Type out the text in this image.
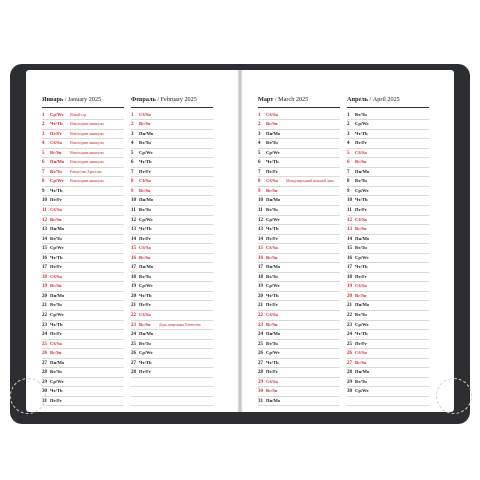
Январь / January 2025
1 Ср/We Новый год
2 Чт/Th Новогодние каникулы
3 Пт/Fr Новогодние каникулы
4 Сб/Sa Новогодние каникулы
5 Вс/Su Новогодние каникулы
6 Пн/Mo Новогодние каникулы
7 Вт/Tu Рождество Христово
8 Ср/We Новогодние каникулы
9 Чт/Th
10 Пт/Fr
11 Сб/Sa
12 Вс/Su
13 Пн/Mo
14 Вт/Tu
15 Ср/We
16 Чт/Th
17 Пт/Fr
18 Сб/Sa
19 Вс/Su
20 Пн/Mo
21 Вт/Tu
22 Ср/We
23 Чт/Th
24 Пт/Fr
25 Сб/Sa
26 Вс/Su
27 Пн/Mo
28 Вт/Tu
29 Ср/We
30 Чт/Th
31 Пт/Fr
Февраль / February 2025
1 Сб/Sa
2 Вс/Su
3 Пн/Mo
4 Вт/Tu
5 Ср/We
6 Чт/Th
7 Пт/Fr
8 Сб/Sa
9 Вс/Su
10 Пн/Mo
11 Вт/Tu
12 Ср/We
13 Чт/Th
14 Пт/Fr
15 Сб/Sa
16 Вс/Su
17 Пн/Mo
18 Вт/Tu
19 Ср/We
20 Чт/Th
21 Пт/Fr
22 Сб/Sa
23 Вс/Su День защитника Отечества
24 Пн/Mo
25 Вт/Tu
26 Ср/We
27 Чт/Th
28 Пт/Fr
Март / March 2025
1 Сб/Sa
2 Вс/Su
3 Пн/Mo
4 Вт/Tu
5 Ср/We
6 Чт/Th
7 Пт/Fr
8 Сб/Sa Международный женский день
9 Вс/Su
10 Пн/Mo
11 Вт/Tu
12 Ср/We
13 Чт/Th
14 Пт/Fr
15 Сб/Sa
16 Вс/Su
17 Пн/Mo
18 Вт/Tu
19 Ср/We
20 Чт/Th
21 Пт/Fr
22 Сб/Sa
23 Вс/Su
24 Пн/Mo
25 Вт/Tu
26 Ср/We
27 Чт/Th
28 Пт/Fr
29 Сб/Sa
30 Вс/Su
31 Пн/Mo
Апрель / April 2025
1 Вт/Tu
2 Ср/We
3 Чт/Th
4 Пт/Fr
5 Сб/Sa
6 Вс/Su
7 Пн/Mo
8 Вт/Tu
9 Ср/We
10 Чт/Th
11 Пт/Fr
12 Сб/Sa
13 Вс/Su
14 Пн/Mo
15 Вт/Tu
16 Ср/We
17 Чт/Th
18 Пт/Fr
19 Сб/Sa
20 Вс/Su
21 Пн/Mo
22 Вт/Tu
23 Ср/We
24 Чт/Th
25 Пт/Fr
26 Сб/Sa
27 Вс/Su
28 Пн/Mo
29 Вт/Tu
30 Ср/We
